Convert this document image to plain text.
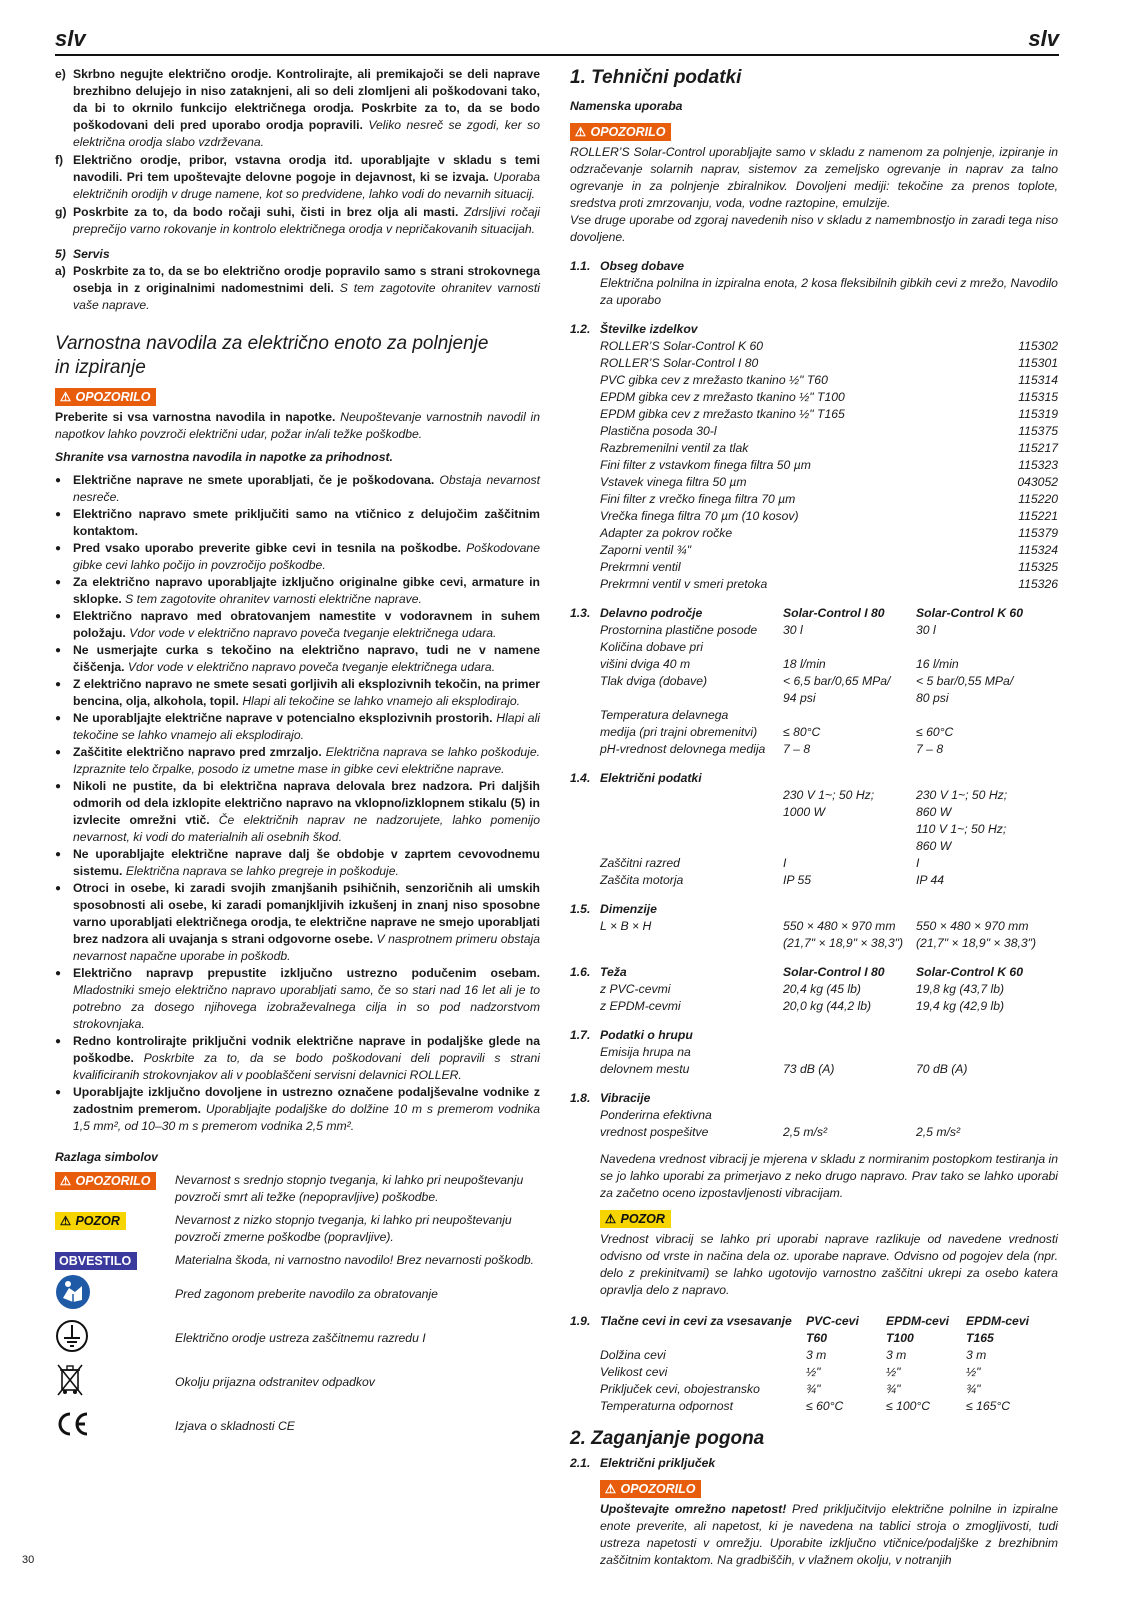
slv	slv
e) Skrbno negujte električno orodje. Kontrolirajte, ali premikajoči se deli naprave brezhibno delujejo in niso zataknjeni, ali so deli zlomljeni ali poškodovani tako, da bi to okrnilo funkcijo električnega orodja. Poskrbite za to, da se bodo poškodovani deli pred uporabo orodja popravili. Veliko nesreč se zgodi, ker so električna orodja slabo vzdrževana.
f) Električno orodje, pribor, vstavna orodja itd. uporabljajte v skladu s temi navodili. Pri tem upoštevajte delovne pogoje in dejavnost, ki se izvaja. Uporaba električnih orodijh v druge namene, kot so predvidene, lahko vodi do nevarnih situacij.
g) Poskrbite za to, da bodo ročaji suhi, čisti in brez olja ali masti. Zdrsljivi ročaji preprečijo varno rokovanje in kontrolo električnega orodja v nepričakovanih situacijah.
5) Servis
a) Poskrbite za to, da se bo električno orodje popravilo samo s strani strokovnega osebja in z originalnimi nadomestnimi deli. S tem zagotovite ohranitev varnosti vaše naprave.
Varnostna navodila za električno enoto za polnjenje
in izpiranje
⚠ OPOZORILO
Preberite si vsa varnostna navodila in napotke. Neupoštevanje varnostnih navodil in napotkov lahko povzroči električni udar, požar in/ali težke poškodbe.
Shranite vsa varnostna navodila in napotke za prihodnost.
● Električne naprave ne smete uporabljati, če je poškodovana. Obstaja nevarnost nesreče.
● Električno napravo smete priključiti samo na vtičnico z delujočim zaščitnim kontaktom.
● Pred vsako uporabo preverite gibke cevi in tesnila na poškodbe. Poškodovane gibke cevi lahko počijo in povzročijo poškodbe.
● Za električno napravo uporabljajte izključno originalne gibke cevi, armature in sklopke. S tem zagotovite ohranitev varnosti električne naprave.
● Električno napravo med obratovanjem namestite v vodoravnem in suhem položaju. Vdor vode v električno napravo poveča tveganje električnega udara.
● Ne usmerjajte curka s tekočino na električno napravo, tudi ne v namene čiščenja. Vdor vode v električno napravo poveča tveganje električnega udara.
● Z električno napravo ne smete sesati gorljivih ali eksplozivnih tekočin, na primer bencina, olja, alkohola, topil. Hlapi ali tekočine se lahko vnamejo ali eksplodirajo.
● Ne uporabljajte električne naprave v potencialno eksplozivnih prostorih. Hlapi ali tekočine se lahko vnamejo ali eksplodirajo.
● Zaščitite električno napravo pred zmrzaljo. Električna naprava se lahko poškoduje. Izpraznite telo črpalke, posodo iz umetne mase in gibke cevi električne naprave.
● Nikoli ne pustite, da bi električna naprava delovala brez nadzora. Pri daljših odmorih od dela izklopite električno napravo na vklopno/izklopnem stikalu (5) in izvlecite omrežni vtič. Če električnih naprav ne nadzorujete, lahko pomenijo nevarnost, ki vodi do materialnih ali osebnih škod.
● Ne uporabljajte električne naprave dalj še obdobje v zaprtem cevovodnemu sistemu. Električna naprava se lahko pregreje in poškoduje.
● Otroci in osebe, ki zaradi svojih zmanjšanih psihičnih, senzoričnih ali umskih sposobnosti ali osebe, ki zaradi pomanjkljivih izkušenj in znanj niso sposobne varno uporabljati električnega orodja, te električne naprave ne smejo uporabljati brez nadzora ali uvajanja s strani odgovorne osebe. V nasprotnem primeru obstaja nevarnost napačne uporabe in poškodb.
● Električno napravp prepustite izključno ustrezno podučenim osebam. Mladostniki smejo električno napravo uporabljati samo, če so stari nad 16 let ali je to potrebno za dosego njihovega izobraževalnega cilja in so pod nadzorstvom strokovnjaka.
● Redno kontrolirajte priključni vodnik električne naprave in podaljške glede na poškodbe. Poskrbite za to, da se bodo poškodovani deli popravili s strani kvalificiranih strokovnjakov ali v pooblaščeni servisni delavnici ROLLER.
● Uporabljajte izključno dovoljene in ustrezno označene podaljševalne vodnike z zadostnim premerom. Uporabljajte podaljške do dolžine 10 m s premerom vodnika 1,5 mm², od 10–30 m s premerom vodnika 2,5 mm².
Razlaga simbolov
⚠ OPOZORILO	Nevarnost s srednjo stopnjo tveganja, ki lahko pri neupoštevanju povzroči smrt ali težke (nepopravljive) poškodbe.
⚠ POZOR	Nevarnost z nizko stopnjo tveganja, ki lahko pri neupoštevanju povzroči zmerne poškodbe (popravljive).
OBVESTILO	Materialna škoda, ni varnostno navodilo! Brez nevarnosti poškodb.
Pred zagonom preberite navodilo za obratovanje
Električno orodje ustreza zaščitnemu razredu I
Okolju prijazna odstranitev odpadkov
Izjava o skladnosti CE
1. Tehnični podatki
Namenska uporaba
⚠ OPOZORILO
ROLLER’S Solar-Control uporabljajte samo v skladu z namenom za polnjenje, izpiranje in odzračevanje solarnih naprav, sistemov za zemeljsko ogrevanje in naprav za talno ogrevanje in za polnjenje zbiralnikov. Dovoljeni mediji: tekočine za prenos toplote, sredstva proti zmrzovanju, voda, vodne raztopine, emulzije.
Vse druge uporabe od zgoraj navedenih niso v skladu z namembnostjo in zaradi tega niso dovoljene.
1.1. Obseg dobave
Električna polnilna in izpiralna enota, 2 kosa fleksibilnih gibkih cevi z mrežo, Navodilo za uporabo
1.2. Številke izdelkov
ROLLER’S Solar-Control K 60	115302
ROLLER’S Solar-Control I 80	115301
PVC gibka cev z mrežasto tkanino ½" T60	115314
EPDM gibka cev z mrežasto tkanino ½" T100	115315
EPDM gibka cev z mrežasto tkanino ½" T165	115319
Plastična posoda 30-l	115375
Razbremenilni ventil za tlak	115217
Fini filter z vstavkom finega filtra 50 µm	115323
Vstavek vinega filtra 50 µm	043052
Fini filter z vrečko finega filtra 70 µm	115220
Vrečka finega filtra 70 µm (10 kosov)	115221
Adapter za pokrov ročke	115379
Zaporni ventil ¾"	115324
Prekrmni ventil	115325
Prekrmni ventil v smeri pretoka	115326
1.3.	Delavno področje	Solar-Control I 80	Solar-Control K 60
	Prostornina plastične posode	30 l	30 l
	Količina dobave pri		
	višini dviga 40 m	18 l/min	16 l/min
	Tlak dviga (dobave)	< 6,5 bar/0,65 MPa/	< 5 bar/0,55 MPa/
		94 psi	80 psi
	Temperatura delavnega		
	medija (pri trajni obremenitvi)	≤ 80°C	≤ 60°C
	pH-vrednost delovnega medija	7 – 8	7 – 8
1.4.	Električni podatki		
		230 V 1~; 50 Hz;	230 V 1~; 50 Hz;
		1000 W	860 W
			110 V 1~; 50 Hz;
			860 W
	Zaščitni razred	I	I
	Zaščita motorja	IP 55	IP 44
1.5.	Dimenzije		
	L × B × H	550 × 480 × 970 mm	550 × 480 × 970 mm
		(21,7" × 18,9" × 38,3")	(21,7" × 18,9" × 38,3")
1.6.	Teža	Solar-Control I 80	Solar-Control K 60
	z PVC-cevmi	20,4 kg (45 lb)	19,8 kg (43,7 lb)
	z EPDM-cevmi	20,0 kg (44,2 lb)	19,4 kg (42,9 lb)
1.7.	Podatki o hrupu		
	Emisija hrupa na		
	delovnem mestu	73 dB (A)	70 dB (A)
1.8.	Vibracije		
	Ponderirna efektivna		
	vrednost pospešitve	2,5 m/s²	2,5 m/s²
Navedena vrednost vibracij je mjerena v skladu z normiranim postopkom testiranja in se jo lahko uporabi za primerjavo z neko drugo napravo. Prav tako se lahko uporabi za začetno oceno izpostavljenosti vibracijam.
⚠ POZOR
Vrednost vibracij se lahko pri uporabi naprave razlikuje od navedene vrednosti odvisno od vrste in načina dela oz. uporabe naprave. Odvisno od pogojev dela (npr. delo z prekinitvami) se lahko ugotovijo varnostno zaščitni ukrepi za osebo katera opravlja delo z napravo.
1.9.	Tlačne cevi in cevi za vsesavanje	PVC-cevi	EPDM-cevi	EPDM-cevi
		T60	T100	T165
	Dolžina cevi	3 m	3 m	3 m
	Velikost cevi	½"	½"	½"
	Priključek cevi, obojestransko	¾"	¾"	¾"
	Temperaturna odpornost	≤ 60°C	≤ 100°C	≤ 165°C
2. Zaganjanje pogona
2.1. Električni priključek
⚠ OPOZORILO
Upoštevajte omrežno napetost! Pred priključitvijo električne polnilne in izpiralne enote preverite, ali napetost, ki je navedena na tablici stroja o zmogljivosti, tudi ustreza napetosti v omrežju. Uporabite izključno vtičnice/podaljške z brezhibnim zaščitnim kontaktom. Na gradbiščih, v vlažnem okolju, v notranjih
30
